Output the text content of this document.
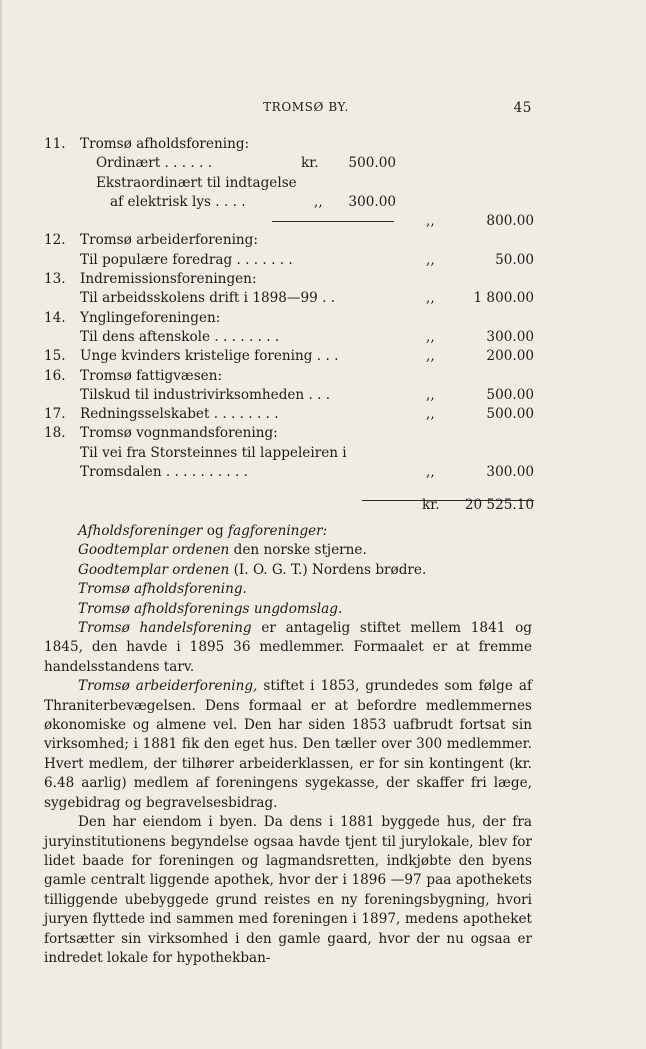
TROMSØ BY.	45
11.	Tromsø afholdsforening:
Ordinært . . . . . .	kr.	500.00
Ekstraordinært til indtagelse
af elektrisk lys . . . .	,,	300.00
,,	800.00
12.	Tromsø arbeiderforening:
Til populære foredrag . . . . . . .	,,	50.00
13.	Indremissionsforeningen:
Til arbeidsskolens drift i 1898—99 . .	,,	1 800.00
14.	Ynglingeforeningen:
Til dens aftenskole . . . . . . . .	,,	300.00
15.	Unge kvinders kristelige forening . . .	,,	200.00
16.	Tromsø fattigvæsen:
Tilskud til industrivirksomheden . . .	,,	500.00
17.	Redningsselskabet . . . . . . . .	,,	500.00
18.	Tromsø vognmandsforening:
Til vei fra Storsteinnes til lappeleiren i
Tromsdalen . . . . . . . . . .	,,	300.00
kr.	20 525.10

Afholdsforeninger og fagforeninger:

Goodtemplar ordenen den norske stjerne.

Goodtemplar ordenen (I. O. G. T.) Nordens brødre.

Tromsø afholdsforening.

Tromsø afholdsforenings ungdomslag.

Tromsø handelsforening er antagelig stiftet mellem 1841 og 1845, den havde i 1895 36 medlemmer. Formaalet er at fremme handelsstandens tarv.

Tromsø arbeiderforening, stiftet i 1853, grundedes som følge af Thraniterbevægelsen. Dens formaal er at befordre medlemmernes økonomiske og almene vel. Den har siden 1853 uafbrudt fortsat sin virksomhed; i 1881 fik den eget hus. Den tæller over 300 medlemmer. Hvert medlem, der tilhører arbeiderklassen, er for sin kontingent (kr. 6.48 aarlig) medlem af foreningens sygekasse, der skaffer fri læge, sygebidrag og begravelsesbidrag.

Den har eiendom i byen. Da dens i 1881 byggede hus, der fra juryinstitutionens begyndelse ogsaa havde tjent til jurylokale, blev for lidet baade for foreningen og lagmandsretten, indkjøbte den byens gamle centralt liggende apothek, hvor der i 1896 —97 paa apothekets tilliggende ubebyggede grund reistes en ny foreningsbygning, hvori juryen flyttede ind sammen med foreningen i 1897, medens apotheket fortsætter sin virksomhed i den gamle gaard, hvor der nu ogsaa er indredet lokale for hypothekban-
